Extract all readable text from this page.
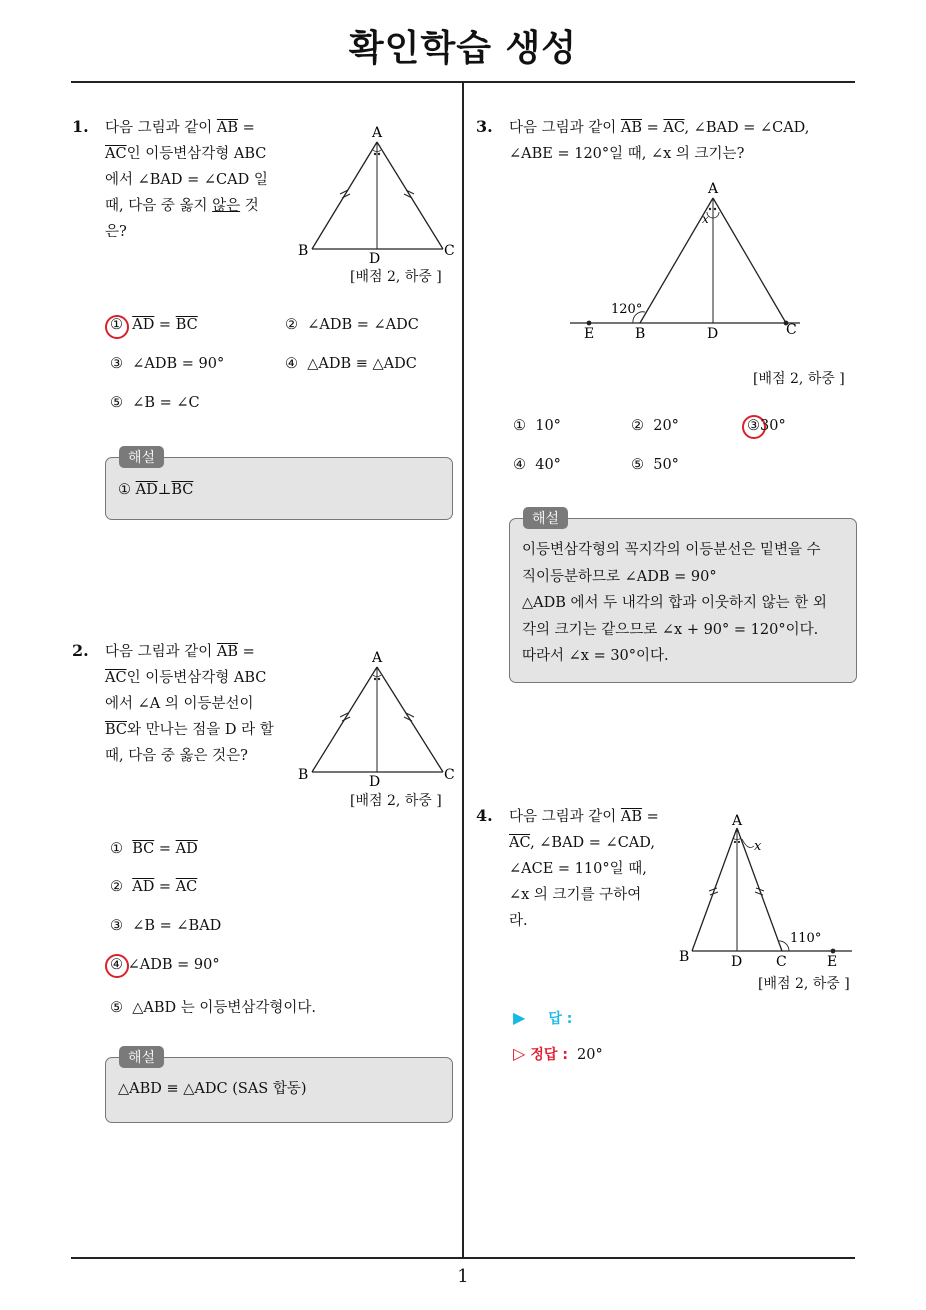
확인학습 생성
1
1. 다음 그림과 같이 $\overline{AB}$ =
$\overline{AC}$인 이등변삼각형 ABC
에서 ∠BAD = ∠CAD 일
때, 다음 중 옳지 않은 것
은?
A
B	C
D
[배점 2, 하중 ]
① $\overline{AD} = \overline{BC}$	② ∠ADB = ∠ADC
③ ∠ADB = 90°	④ △ADB ≡ △ADC
⑤ ∠B = ∠C
해설
① $\overline{AD}\perp\overline{BC}$
2. 다음 그림과 같이 $\overline{AB}$ =
$\overline{AC}$인 이등변삼각형 ABC
에서 ∠A 의 이등분선이
$\overline{BC}$와 만나는 점을 D 라 할
때, 다음 중 옳은 것은?
A
B	C
D
[배점 2, 하중 ]
① $\overline{BC} = \overline{AD}$
② $\overline{AD} = \overline{AC}$
③ ∠B = ∠BAD
④ ∠ADB = 90°
⑤ △ABD 는 이등변삼각형이다.
해설
△ABD ≡ △ADC (SAS 합동)
3. 다음 그림과 같이 $\overline{AB} = \overline{AC}$, ∠BAD = ∠CAD,
∠ABE = 120°일 때, ∠x 의 크기는?
A
x
120°
E	B	D	C
[배점 2, 하중 ]
① 10°	② 20°	③30°
④ 40°	⑤ 50°
해설
이등변삼각형의 꼭지각의 이등분선은 밑변을 수
직이등분하므로 ∠ADB = 90°
△ADB 에서 두 내각의 합과 이웃하지 않는 한 외
각의 크기는 같으므로 ∠x + 90° = 120°이다.
따라서 ∠x = 30°이다.
4. 다음 그림과 같이 $\overline{AB}$ =
$\overline{AC}$, ∠BAD = ∠CAD,
∠ACE = 110°일 때,
∠x 의 크기를 구하여
라.
A
x
110°
B	D C	E
[배점 2, 하중 ]
▶ 답 :
▷ 정답 : 20°
